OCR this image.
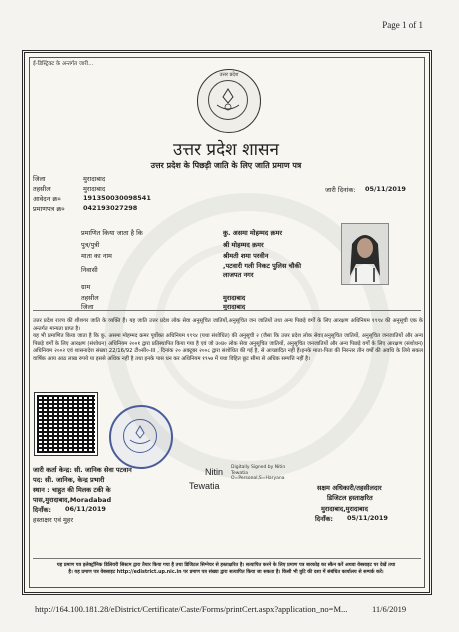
Page 1 of 1
ई-डिस्ट्रिक्ट के अन्तर्गत जारी...
उत्तर प्रदेश
उत्तर प्रदेश शासन
उत्तर प्रदेश के पिछड़ी जाति के लिए जाति प्रमाण पत्र
जिला	मुरादाबाद
तहसील	मुरादाबाद
आवेदन क्र०	191350030098541
प्रमाणपत्र क्र०	042193027298
जारी दिनांक: 05/11/2019
प्रमाणित किया जाता है कि	कु. असमा मोहम्मद क़मर
पुत्र/पुत्री	श्री मोहम्मद क़मर
माता का नाम	श्रीमती शमा परवीन
निवासी	,पटवारी गली निकट पुलिस चौकी
लाजपत नगर
ग्राम
तहसील	मुरादाबाद
जिला	मुरादाबाद
उत्तर प्रदेश राज्य की शीशगर जाति के व्यक्ति हैं। यह जाति उत्तर प्रदेश लोक सेवा अनुसूचित जातियों,अनुसूचित जन जातियों तथा अन्य पिछड़े वर्गों के लिए आरक्षण अधिनियम १९९४ की अनुसूची एक के अन्तर्गत मान्यता प्राप्त है।
यह भी प्रमाणित किया जाता है कि कु. असमा मोहम्मद क़मर पूर्वोक्त अधिनियम १९९४ (यथा संशोधित) की अनुसूची २ (जैसा कि उत्तर प्रदेश लोक सेवा(अनुसूचित जातियों, अनुसूचित जनजातियों और अन्य पिछड़े वर्गों के लिए आरक्षण (संशोधन) अधिनियम २००१ द्वारा प्रतिस्थापित किया गया है एवं जो उ०प्र० लोक सेवा अनुसूचित जातियों, अनुसूचित जनजातियों और अन्य पिछड़े वर्गों के लिए आरक्षण (संशोधन) अधिनियम २००२ एवं शासनादेश संख्या 22/16/92 टी०सी०-III , दिनांक २० अक्टूबर २००८ द्वारा संशोधित की गई है, से आच्छादित नहीं हैं।इनके माता-पिता की निरन्तर तीन वर्षों की अवधि के लिये सकल वार्षिक आय आठ लाख रुपये या इससे अधिक नहीं है तथा इनके पास धन कर अधिनियम १९५७ में यथा विहित छूट सीमा से अधिक सम्पत्ति नहीं है।
जारी कर्ता केन्द्र: सी. जानिक सेवा पटवान
पद: सी. जानिक, केन्द्र प्रभारी
स्थान : चाहुत की मिलक टकी के
पास,मुरादाबाद,Moradabad
दिनाँक: 06/11/2019
हस्ताक्षर एवं मुहर
Nitin
Tewatia
Digitally Signed by Nitin
Tewatia
O=Personal,S=Haryana
सक्षम अधिकारी/तहसीलदार
डिजिटल हस्ताक्षरित
मुरादाबाद,मुरादाबाद
दिनाँक: 05/11/2019
यह प्रमाण पत्र इलेक्ट्रॉनिक डिलिवरी सिस्टम द्वारा तैयार किया गया है तथा डिजिटल सिग्नेचर से हस्ताक्षरित है। सत्यापित करने के लिए प्रमाण पत्र बारकोड़ का स्कैन करें अथवा वेबसाइट पर देखें तथा
है। यह प्रमाण पत्र वेबसाइट http://edistrict.up.nic.in पर प्रमाण पत्र संख्या द्वारा सत्यापित किया जा सकता है। किसी भी त्रुटि की दशा में संबंधित कार्यालय से सम्पर्क करें।
http://164.100.181.28/eDistrict/Certificate/Caste/Forms/printCert.aspx?application_no=M...	11/6/2019
